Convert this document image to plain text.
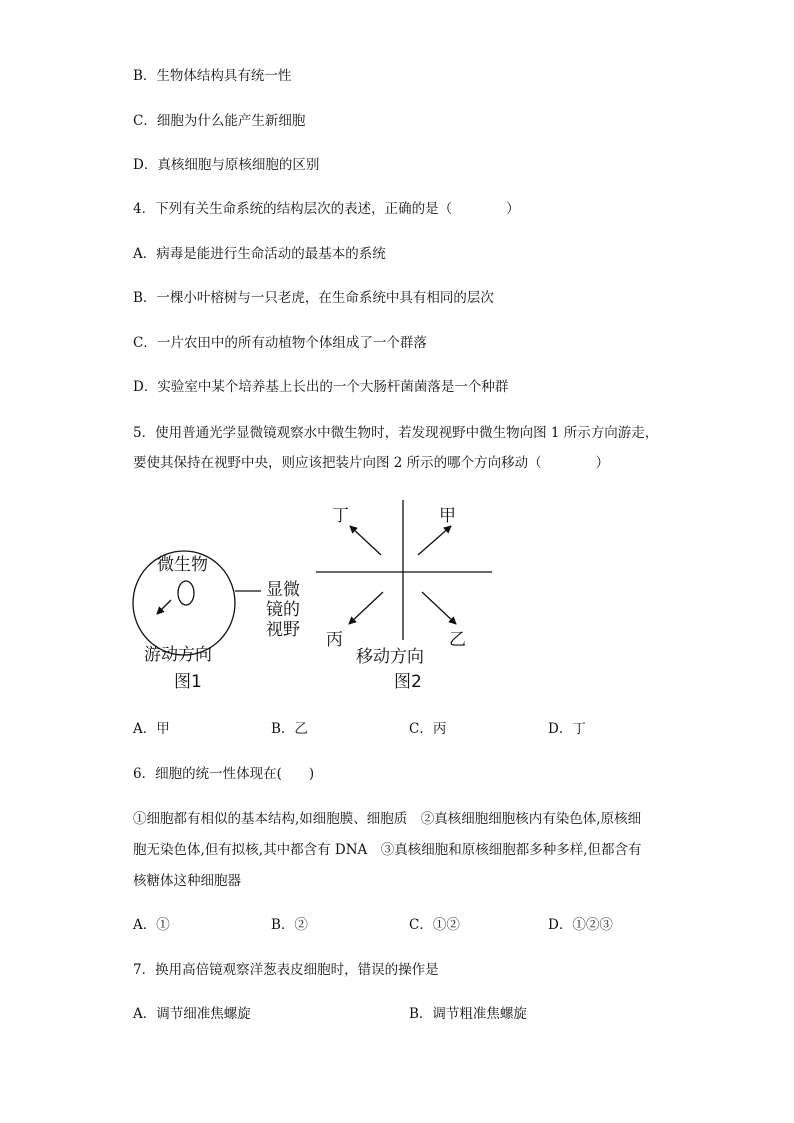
B．生物体结构具有统一性
C．细胞为什么能产生新细胞
D．真核细胞与原核细胞的区别
4．下列有关生命系统的结构层次的表述，正确的是（　　　　）
A．病毒是能进行生命活动的最基本的系统
B．一棵小叶榕树与一只老虎，在生命系统中具有相同的层次
C．一片农田中的所有动植物个体组成了一个群落
D．实验室中某个培养基上长出的一个大肠杆菌菌落是一个种群
5．使用普通光学显微镜观察水中微生物时，若发现视野中微生物向图 1 所示方向游走，
要使其保持在视野中央，则应该把装片向图 2 所示的哪个方向移动（　　　　）
微生物
显微
镜的
视野
游动方向
图1
丁	甲
丙	乙
移动方向
图2
A．甲	B．乙	C．丙	D．丁
6．细胞的统一性体现在(　　)
①细胞都有相似的基本结构,如细胞膜、细胞质　②真核细胞细胞核内有染色体,原核细
胞无染色体,但有拟核,其中都含有 DNA　③真核细胞和原核细胞都多种多样,但都含有
核糖体这种细胞器
A．①	B．②	C．①②	D．①②③
7．换用高倍镜观察洋葱表皮细胞时，错误的操作是
A．调节细准焦螺旋	B．调节粗准焦螺旋
